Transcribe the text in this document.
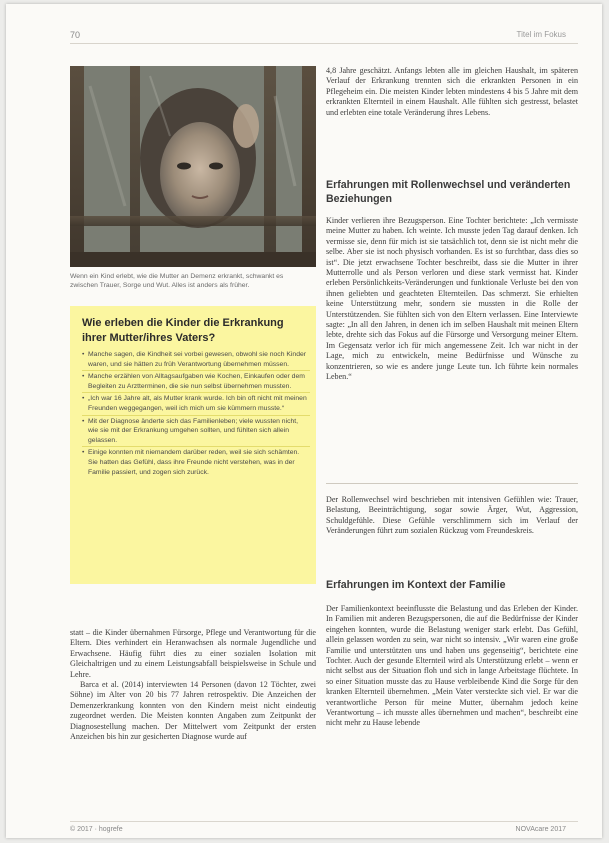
70	Titel im Fokus
Wenn ein Kind erlebt, wie die Mutter an Demenz erkrankt, schwankt es zwischen Trauer, Sorge und Wut. Alles ist anders als früher.
Wie erleben die Kinder die Erkrankung ihrer Mutter/ihres Vaters?
• Manche sagen, die Kindheit sei vorbei gewesen, obwohl sie noch Kinder waren, und sie hätten zu früh Verantwortung übernehmen müssen.
• Manche erzählen von Alltagsaufgaben wie Kochen, Einkaufen oder dem Begleiten zu Arztterminen, die sie nun selbst übernehmen mussten.
• „Ich war 16 Jahre alt, als Mutter krank wurde. Ich bin oft nicht mit meinen Freunden weggegangen, weil ich mich um sie kümmern musste.“
• Mit der Diagnose änderte sich das Familienleben; viele wussten nicht, wie sie mit der Erkrankung umgehen sollten, und fühlten sich allein gelassen.
• Einige konnten mit niemandem darüber reden, weil sie sich schämten. Sie hatten das Gefühl, dass ihre Freunde nicht verstehen, was in der Familie passiert, und zogen sich zurück.

statt – die Kinder übernahmen Fürsorge, Pflege und Verantwortung für die Eltern. Dies verhindert ein Heranwachsen als normale Jugendliche und Erwachsene. Häufig führt dies zu einer sozialen Isolation mit Gleichaltrigen und zu einem Leistungsabfall beispielsweise in Schule und Lehre.

Barca et al. (2014) interviewten 14 Personen (davon 12 Töchter, zwei Söhne) im Alter von 20 bis 77 Jahren retrospektiv. Die Anzeichen der Demenzerkrankung konnten von den Kindern meist nicht eindeutig zugeordnet werden. Die Meisten konnten Angaben zum Zeitpunkt der Diagnosestellung machen. Der Mittelwert vom Zeitpunkt der ersten Anzeichen bis hin zur gesicherten Diagnose wurde auf

4,8 Jahre geschätzt. Anfangs lebten alle im gleichen Haushalt, im späteren Verlauf der Erkrankung trennten sich die erkrankten Personen in ein Pflegeheim ein. Die meisten Kinder lebten mindestens 4 bis 5 Jahre mit dem erkrankten Elternteil in einem Haushalt. Alle fühlten sich gestresst, belastet und erlebten eine totale Veränderung ihres Lebens.

Erfahrungen mit Rollenwechsel und veränderten Beziehungen

Kinder verlieren ihre Bezugsperson. Eine Tochter berichtete: „Ich vermisste meine Mutter zu haben. Ich weinte. Ich musste jeden Tag darauf denken. Ich vermisse sie, denn für mich ist sie tatsächlich tot, denn sie ist nicht mehr die selbe. Aber sie ist noch physisch vorhanden. Es ist so furchtbar, dass dies so ist“. Die jetzt erwachsene Tochter beschreibt, dass sie die Mutter in ihrer Mutterrolle und als Person verloren und diese stark vermisst hat. Kinder erleben Persönlichkeits-Veränderungen und funktionale Verluste bei den von ihnen geliebten und geachteten Elternteilen. Das schmerzt. Sie erhielten keine Unterstützung mehr, sondern sie mussten in die Rolle der Unterstützenden. Sie fühlten sich von den Eltern verlassen. Eine Interviewte sagte: „In all den Jahren, in denen ich im selben Haushalt mit meinen Eltern lebte, drehte sich das Fokus auf die Fürsorge und Versorgung meiner Eltern. Im Gegensatz verlor ich für mich angemessene Zeit. Ich war nicht in der Lage, mich zu entwickeln, meine Bedürfnisse und Wünsche zu konzentrieren, so wie es andere junge Leute tun. Ich führte kein normales Leben.“

Der Rollenwechsel wird beschrieben mit intensiven Gefühlen wie: Trauer, Belastung, Beeinträchtigung, sogar sowie Ärger, Wut, Aggression, Schuldgefühle. Diese Gefühle verschlimmern sich im Verlauf der Veränderungen führt zum sozialen Rückzug vom Freundeskreis.

Erfahrungen im Kontext der Familie

Der Familienkontext beeinflusste die Belastung und das Erleben der Kinder. In Familien mit anderen Bezugspersonen, die auf die Bedürfnisse der Kinder eingehen konnten, wurde die Belastung weniger stark erlebt. Das Gefühl, allein gelassen worden zu sein, war nicht so intensiv. „Wir waren eine große Familie und unterstützten uns und haben uns gegenseitig“, berichtete eine Tochter. Auch der gesunde Elternteil wird als Unterstützung erlebt – wenn er nicht selbst aus der Situation floh und sich in lange Arbeitstage flüchtete. In so einer Situation musste das zu Hause verbleibende Kind die Sorge für den kranken Elternteil übernehmen. „Mein Vater versteckte sich viel. Er war die verantwortliche Person für meine Mutter, übernahm jedoch keine Verantwortung – ich musste alles übernehmen und machen“, beschreibt eine nicht mehr zu Hause lebende

© 2017 · hogrefe	NOVAcare 2017
